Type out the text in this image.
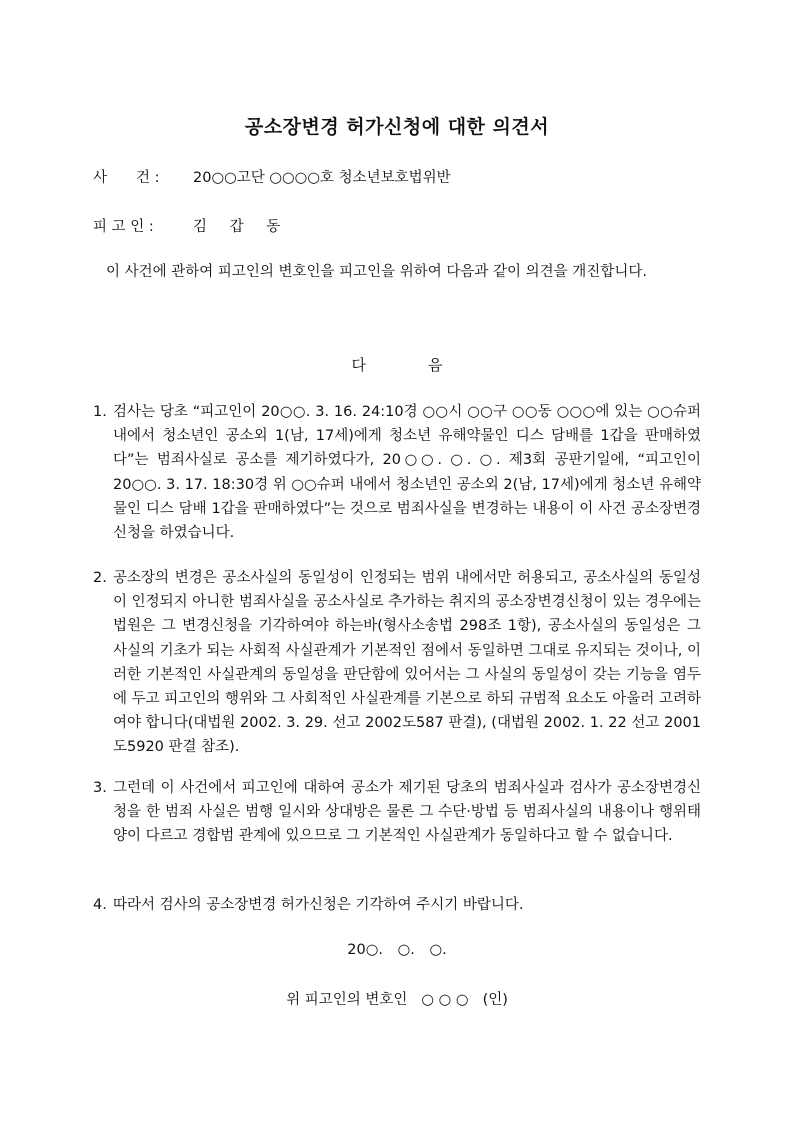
공소장변경 허가신청에 대한 의견서
사　　건 :	20○○고단 ○○○○호 청소년보호법위반
피 고 인 :	김 갑 동
이 사건에 관하여 피고인의 변호인을 피고인을 위하여 다음과 같이 의견을 개진합니다.
다	음
1. 검사는 당초 “피고인이 20○○. 3. 16. 24:10경 ○○시 ○○구 ○○동 ○○○에 있는 ○○슈퍼 내에서 청소년인 공소외 1(남, 17세)에게 청소년 유해약물인 디스 담배를 1갑을 판매하였다”는 범죄사실로 공소를 제기하였다가, 20○○. ○. ○. 제3회 공판기일에, “피고인이 20○○. 3. 17. 18:30경 위 ○○슈퍼 내에서 청소년인 공소외 2(남, 17세)에게 청소년 유해약물인 디스 담배 1갑을 판매하였다”는 것으로 범죄사실을 변경하는 내용이 이 사건 공소장변경신청을 하였습니다.
2. 공소장의 변경은 공소사실의 동일성이 인정되는 범위 내에서만 허용되고, 공소사실의 동일성이 인정되지 아니한 범죄사실을 공소사실로 추가하는 취지의 공소장변경신청이 있는 경우에는 법원은 그 변경신청을 기각하여야 하는바(형사소송법 298조 1항), 공소사실의 동일성은 그 사실의 기초가 되는 사회적 사실관계가 기본적인 점에서 동일하면 그대로 유지되는 것이나, 이러한 기본적인 사실관계의 동일성을 판단함에 있어서는 그 사실의 동일성이 갖는 기능을 염두에 두고 피고인의 행위와 그 사회적인 사실관계를 기본으로 하되 규범적 요소도 아울러 고려하여야 합니다(대법원 2002. 3. 29. 선고 2002도587 판결), (대법원 2002. 1. 22 선고 2001도5920 판결 참조).
3. 그런데 이 사건에서 피고인에 대하여 공소가 제기된 당초의 범죄사실과 검사가 공소장변경신청을 한 범죄 사실은 범행 일시와 상대방은 물론 그 수단·방법 등 범죄사실의 내용이나 행위태양이 다르고 경합범 관계에 있으므로 그 기본적인 사실관계가 동일하다고 할 수 없습니다.
4. 따라서 검사의 공소장변경 허가신청은 기각하여 주시기 바랍니다.
20○. ○. ○.
위 피고인의 변호인 ○ ○ ○ (인)
